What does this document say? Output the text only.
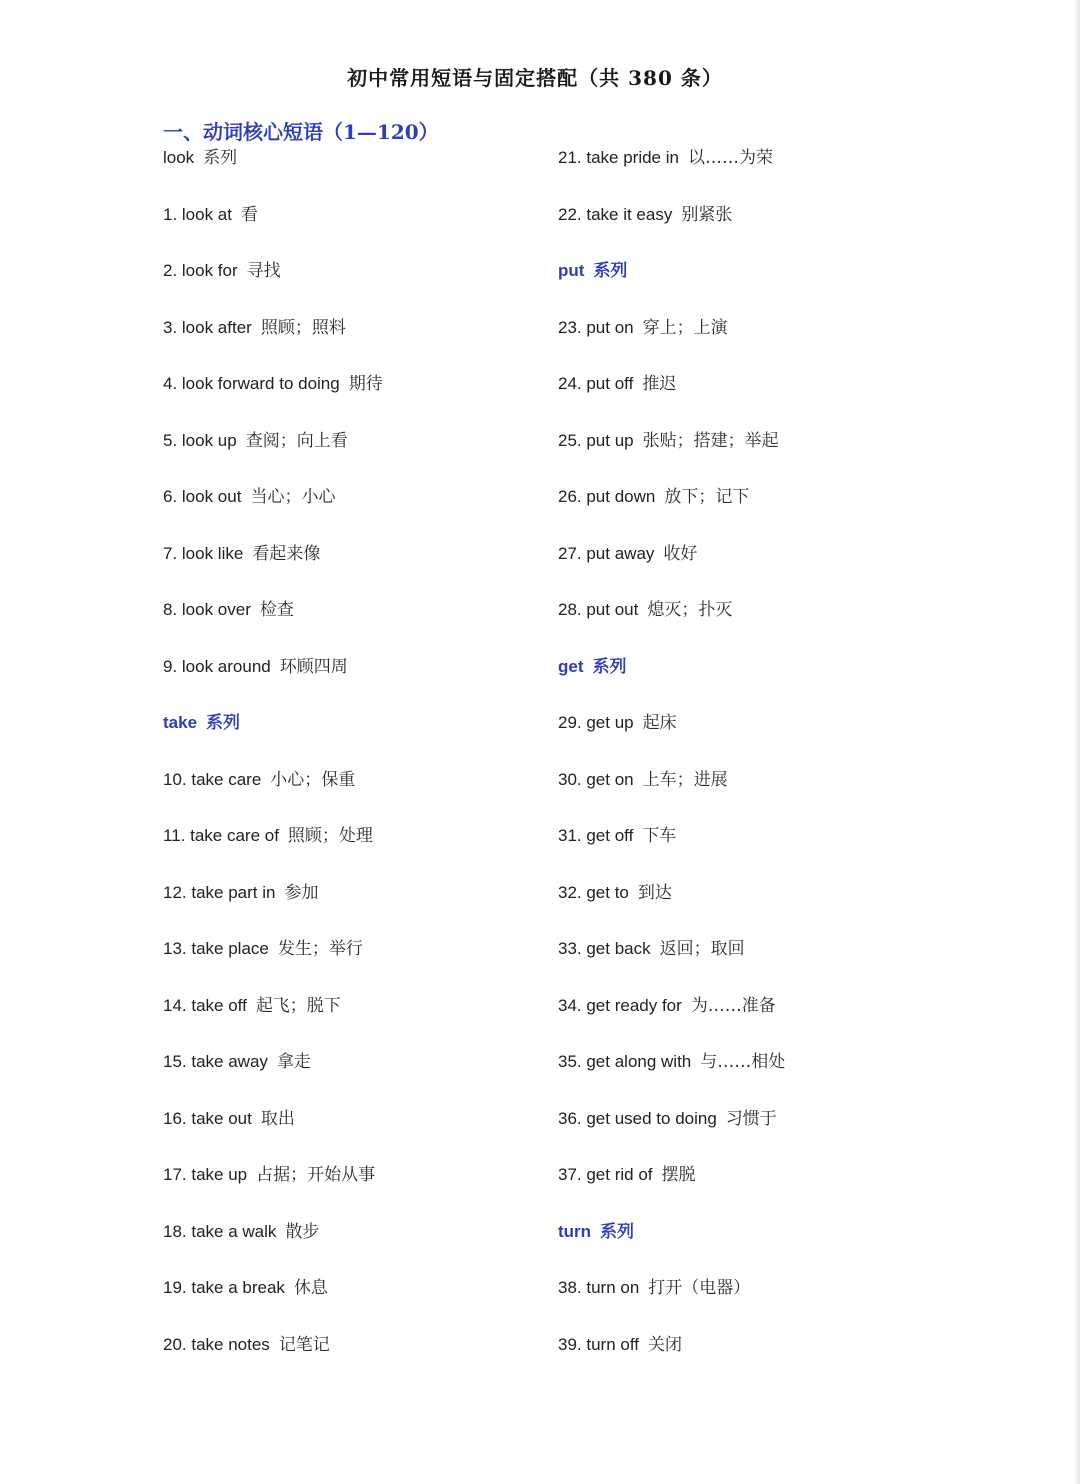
初中常用短语与固定搭配（共 380 条）
一、动词核心短语（1—120）
look 系列
1. look at 看
2. look for 寻找
3. look after 照顾；照料
4. look forward to doing 期待
5. look up 查阅；向上看
6. look out 当心；小心
7. look like 看起来像
8. look over 检查
9. look around 环顾四周
take 系列
10. take care 小心；保重
11. take care of 照顾；处理
12. take part in 参加
13. take place 发生；举行
14. take off 起飞；脱下
15. take away 拿走
16. take out 取出
17. take up 占据；开始从事
18. take a walk 散步
19. take a break 休息
20. take notes 记笔记
21. take pride in 以……为荣
22. take it easy 别紧张
put 系列
23. put on 穿上；上演
24. put off 推迟
25. put up 张贴；搭建；举起
26. put down 放下；记下
27. put away 收好
28. put out 熄灭；扑灭
get 系列
29. get up 起床
30. get on 上车；进展
31. get off 下车
32. get to 到达
33. get back 返回；取回
34. get ready for 为……准备
35. get along with 与……相处
36. get used to doing 习惯于
37. get rid of 摆脱
turn 系列
38. turn on 打开（电器）
39. turn off 关闭
